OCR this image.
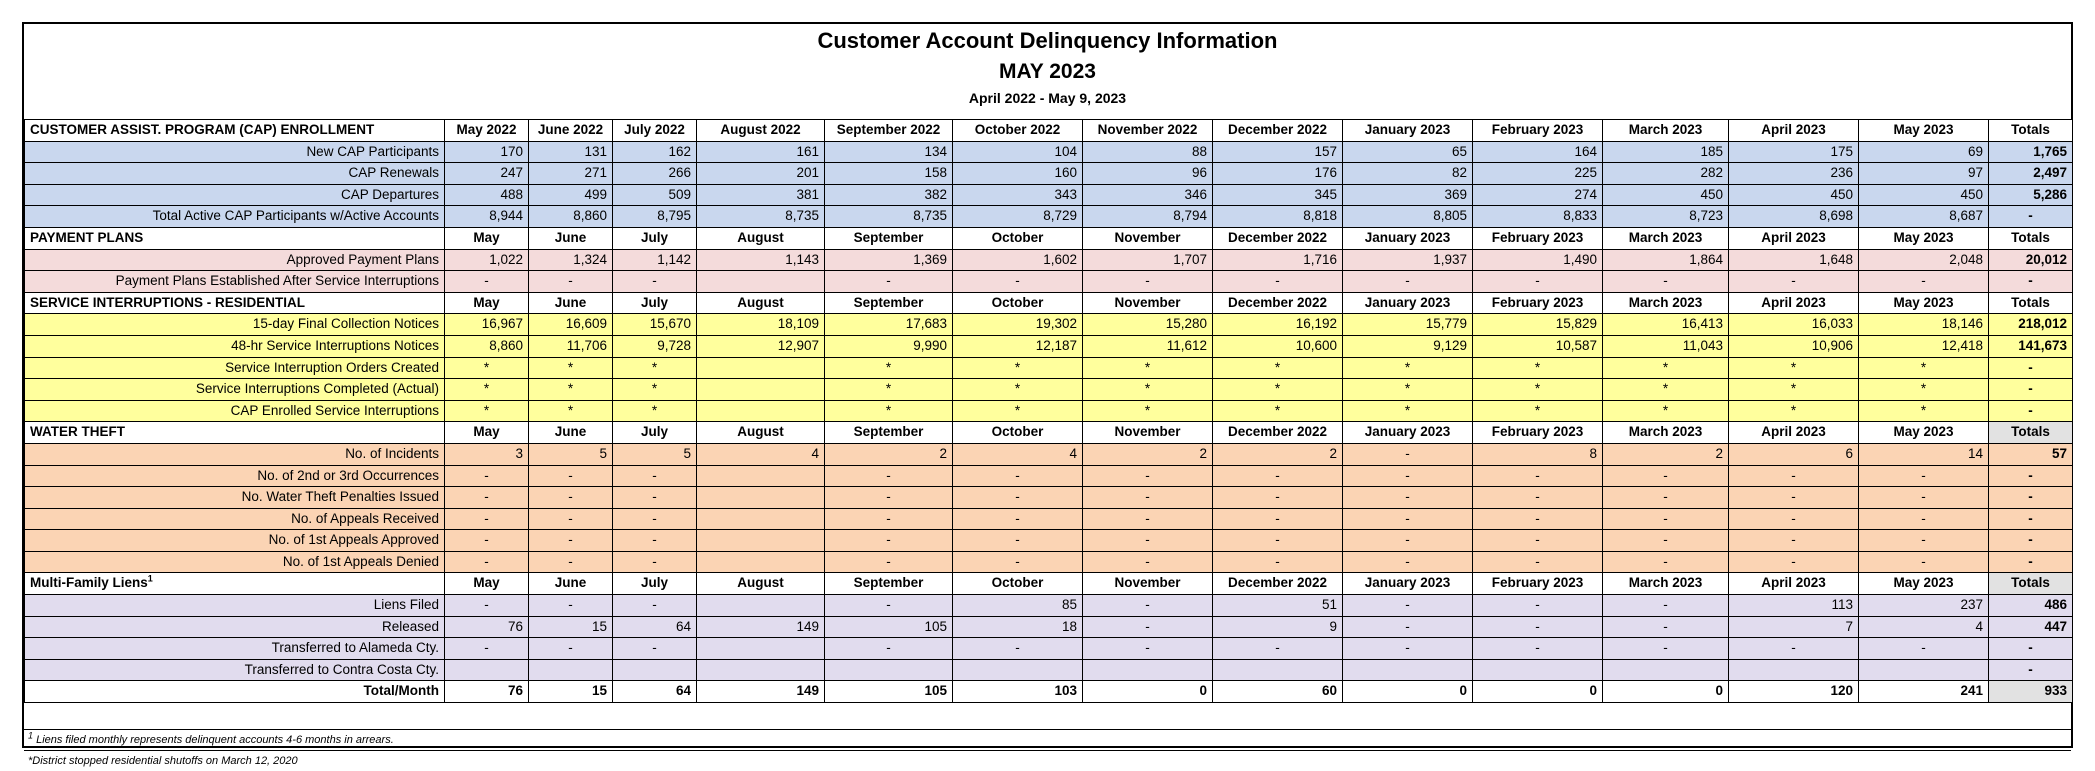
Customer Account Delinquency Information
MAY 2023
April 2022 - May 9, 2023
CUSTOMER ASSIST. PROGRAM (CAP) ENROLLMENT	May 2022	June 2022	July 2022	August 2022	September 2022	October 2022	November 2022	December 2022	January 2023	February 2023	March 2023	April 2023	May 2023	Totals
New CAP Participants	170	131	162	161	134	104	88	157	65	164	185	175	69	1,765
CAP Renewals	247	271	266	201	158	160	96	176	82	225	282	236	97	2,497
CAP Departures	488	499	509	381	382	343	346	345	369	274	450	450	450	5,286
Total Active CAP Participants w/Active Accounts	8,944	8,860	8,795	8,735	8,735	8,729	8,794	8,818	8,805	8,833	8,723	8,698	8,687	-
PAYMENT PLANS	May	June	July	August	September	October	November	December 2022	January 2023	February 2023	March 2023	April 2023	May 2023	Totals
Approved Payment Plans	1,022	1,324	1,142	1,143	1,369	1,602	1,707	1,716	1,937	1,490	1,864	1,648	2,048	20,012
Payment Plans Established After Service Interruptions	-	-	-		-	-	-	-	-	-	-	-	-	-
SERVICE INTERRUPTIONS - RESIDENTIAL	May	June	July	August	September	October	November	December 2022	January 2023	February 2023	March 2023	April 2023	May 2023	Totals
15-day Final Collection Notices	16,967	16,609	15,670	18,109	17,683	19,302	15,280	16,192	15,779	15,829	16,413	16,033	18,146	218,012
48-hr Service Interruptions Notices	8,860	11,706	9,728	12,907	9,990	12,187	11,612	10,600	9,129	10,587	11,043	10,906	12,418	141,673
Service Interruption Orders Created	*	*	*		*	*	*	*	*	*	*	*	*	-
Service Interruptions Completed (Actual)	*	*	*		*	*	*	*	*	*	*	*	*	-
CAP Enrolled Service Interruptions	*	*	*		*	*	*	*	*	*	*	*	*	-
WATER THEFT	May	June	July	August	September	October	November	December 2022	January 2023	February 2023	March 2023	April 2023	May 2023	Totals
No. of Incidents	3	5	5	4	2	4	2	2	-	8	2	6	14	57
No. of 2nd or 3rd Occurrences	-	-	-		-	-	-	-	-	-	-	-	-	-
No. Water Theft Penalties Issued	-	-	-		-	-	-	-	-	-	-	-	-	-
No. of Appeals Received	-	-	-		-	-	-	-	-	-	-	-	-	-
No. of 1st Appeals Approved	-	-	-		-	-	-	-	-	-	-	-	-	-
No. of 1st Appeals Denied	-	-	-		-	-	-	-	-	-	-	-	-	-
Multi-Family Liens$^1$	May	June	July	August	September	October	November	December 2022	January 2023	February 2023	March 2023	April 2023	May 2023	Totals
Liens Filed	-	-	-		-	85	-	51	-	-	-	113	237	486
Released	76	15	64	149	105	18	-	9	-	-	-	7	4	447
Transferred to Alameda Cty.	-	-	-		-	-	-	-	-	-	-	-	-	-
Transferred to Contra Costa Cty.														-
Total/Month	76	15	64	149	105	103	0	60	0	0	0	120	241	933
$^1$ Liens filed monthly represents delinquent accounts 4-6 months in arrears.
*District stopped residential shutoffs on March 12, 2020
